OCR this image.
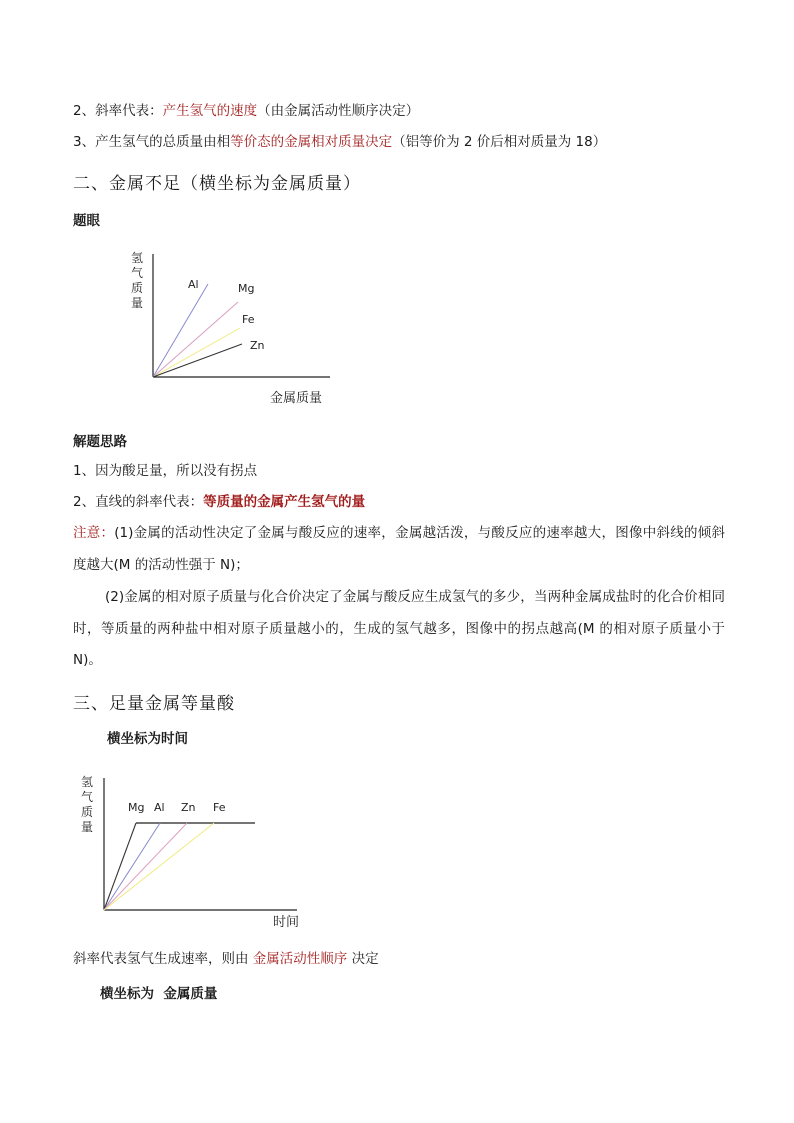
2、斜率代表：产生氢气的速度（由金属活动性顺序决定）
3、产生氢气的总质量由相等价态的金属相对质量决定（铝等价为 2 价后相对质量为 18）
二、金属不足（横坐标为金属质量）
题眼
氢
气
质
量
Al	Mg
Fe
Zn
金属质量
解题思路
1、因为酸足量，所以没有拐点
2、直线的斜率代表：等质量的金属产生氢气的量
注意：(1)金属的活动性决定了金属与酸反应的速率，金属越活泼，与酸反应的速率越大，图像中斜线的倾斜度越大(M 的活动性强于 N)；
(2)金属的相对原子质量与化合价决定了金属与酸反应生成氢气的多少，当两种金属成盐时的化合价相同时，等质量的两种盐中相对原子质量越小的，生成的氢气越多，图像中的拐点越高(M 的相对原子质量小于 N)。
三、足量金属等量酸
横坐标为时间
氢
气
质
量
Mg Al Zn Fe
时间
斜率代表氢气生成速率，则由 金属活动性顺序 决定
横坐标为  金属质量
